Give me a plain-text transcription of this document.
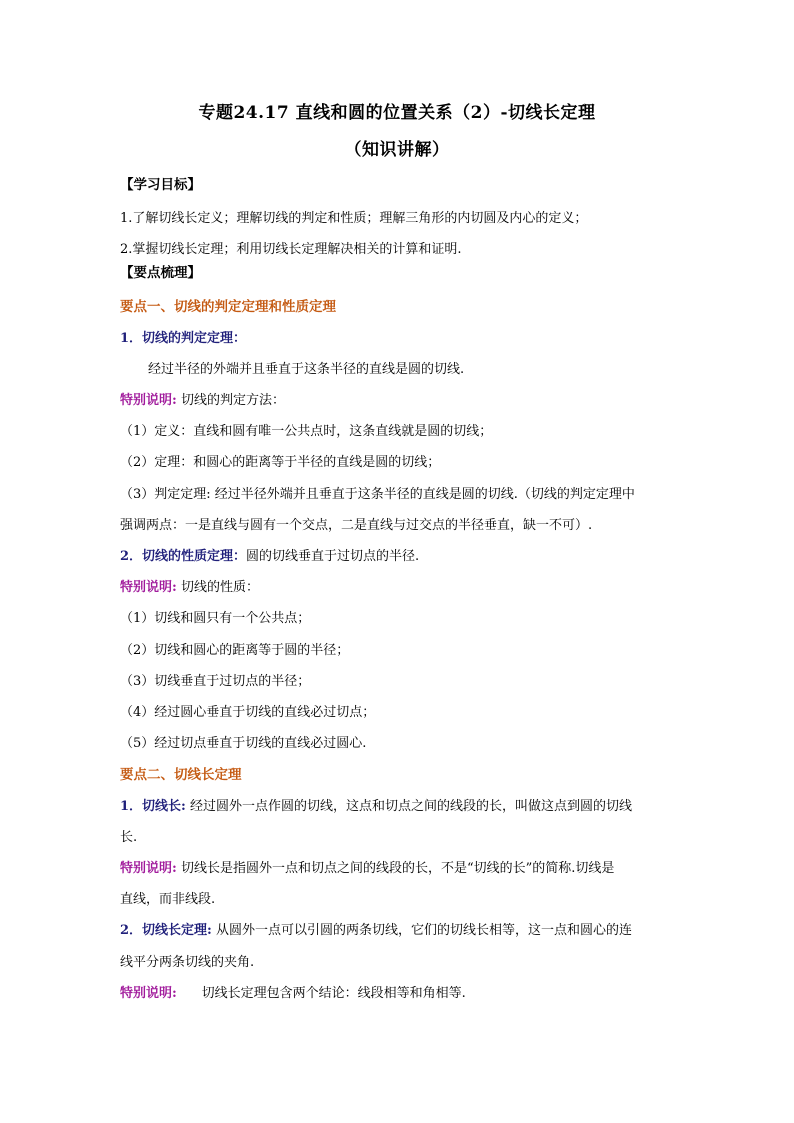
专题24.17 直线和圆的位置关系（2）-切线长定理
（知识讲解）
【学习目标】
1.了解切线长定义；理解切线的判定和性质；理解三角形的内切圆及内心的定义；
2.掌握切线长定理；利用切线长定理解决相关的计算和证明.
【要点梳理】
要点一、切线的判定定理和性质定理
1．切线的判定定理：
经过半径的外端并且垂直于这条半径的直线是圆的切线.
特别说明: 切线的判定方法：
（1）定义：直线和圆有唯一公共点时，这条直线就是圆的切线；
（2）定理：和圆心的距离等于半径的直线是圆的切线；
（3）判定定理: 经过半径外端并且垂直于这条半径的直线是圆的切线.（切线的判定定理中
强调两点：一是直线与圆有一个交点，二是直线与过交点的半径垂直，缺一不可）.
2．切线的性质定理：圆的切线垂直于过切点的半径.
特别说明: 切线的性质：
（1）切线和圆只有一个公共点；
（2）切线和圆心的距离等于圆的半径；
（3）切线垂直于过切点的半径；
（4）经过圆心垂直于切线的直线必过切点；
（5）经过切点垂直于切线的直线必过圆心.
要点二、切线长定理
1．切线长: 经过圆外一点作圆的切线，这点和切点之间的线段的长，叫做这点到圆的切线
长.
特别说明: 切线长是指圆外一点和切点之间的线段的长，不是“切线的长”的简称.切线是
直线，而非线段.
2．切线长定理: 从圆外一点可以引圆的两条切线，它们的切线长相等，这一点和圆心的连
线平分两条切线的夹角.
特别说明:      切线长定理包含两个结论：线段相等和角相等.
